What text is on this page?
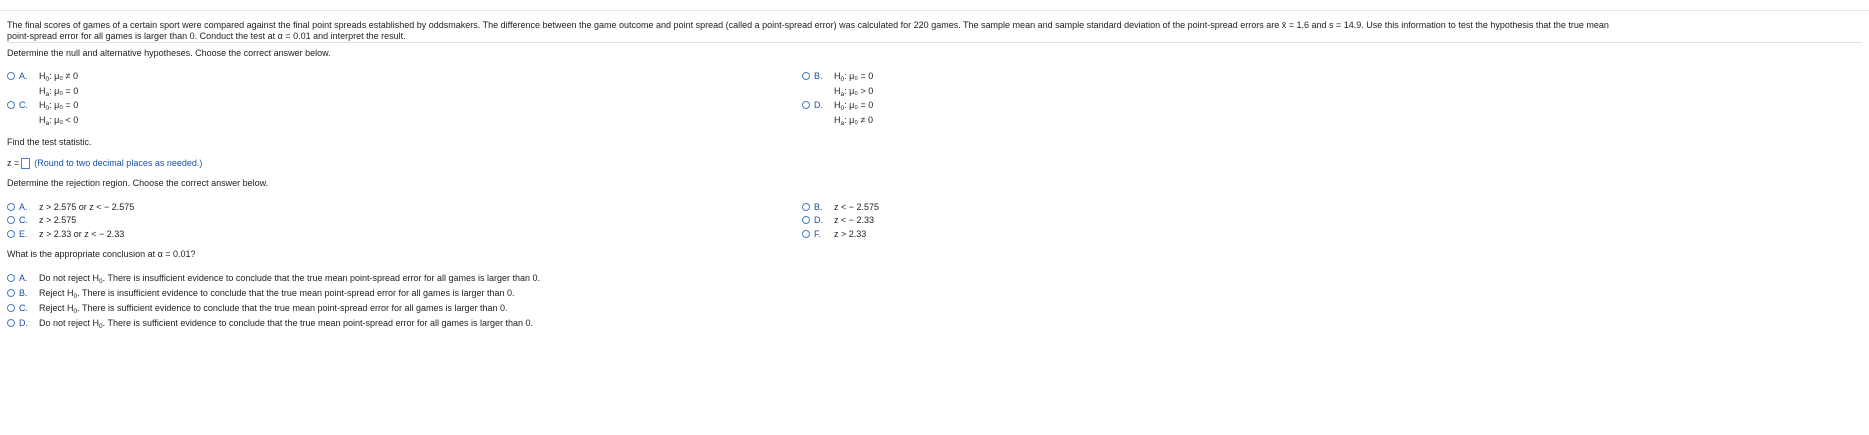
The final scores of games of a certain sport were compared against the final point spreads established by oddsmakers. The difference between the game outcome and point spread (called a point-spread error) was calculated for 220 games. The sample mean and sample standard deviation of the point-spread errors are x̄ = 1.6 and s = 14.9. Use this information to test the hypothesis that the true mean
point-spread error for all games is larger than 0. Conduct the test at α = 0.01 and interpret the result.
Determine the null and alternative hypotheses. Choose the correct answer below.
A.	$H_0$: μ₀ ≠ 0
$H_a$: μ₀ = 0
B.	$H_0$: μ₀ = 0
$H_a$: μ₀ > 0
C.	$H_0$: μ₀ = 0
$H_a$: μ₀ < 0
D.	$H_0$: μ₀ = 0
$H_a$: μ₀ ≠ 0
Find the test statistic.
z = (Round to two decimal places as needed.)
Determine the rejection region. Choose the correct answer below.
A.	z > 2.575 or z < − 2.575	B.	z < − 2.575
C.	z > 2.575	D.	z < − 2.33
E.	z > 2.33 or z < − 2.33	F.	z > 2.33
What is the appropriate conclusion at α = 0.01?
A.	Do not reject $H_0$. There is insufficient evidence to conclude that the true mean point-spread error for all games is larger than 0.
B.	Reject $H_0$. There is insufficient evidence to conclude that the true mean point-spread error for all games is larger than 0.
C.	Reject $H_0$. There is sufficient evidence to conclude that the true mean point-spread error for all games is larger than 0.
D.	Do not reject $H_0$. There is sufficient evidence to conclude that the true mean point-spread error for all games is larger than 0.
